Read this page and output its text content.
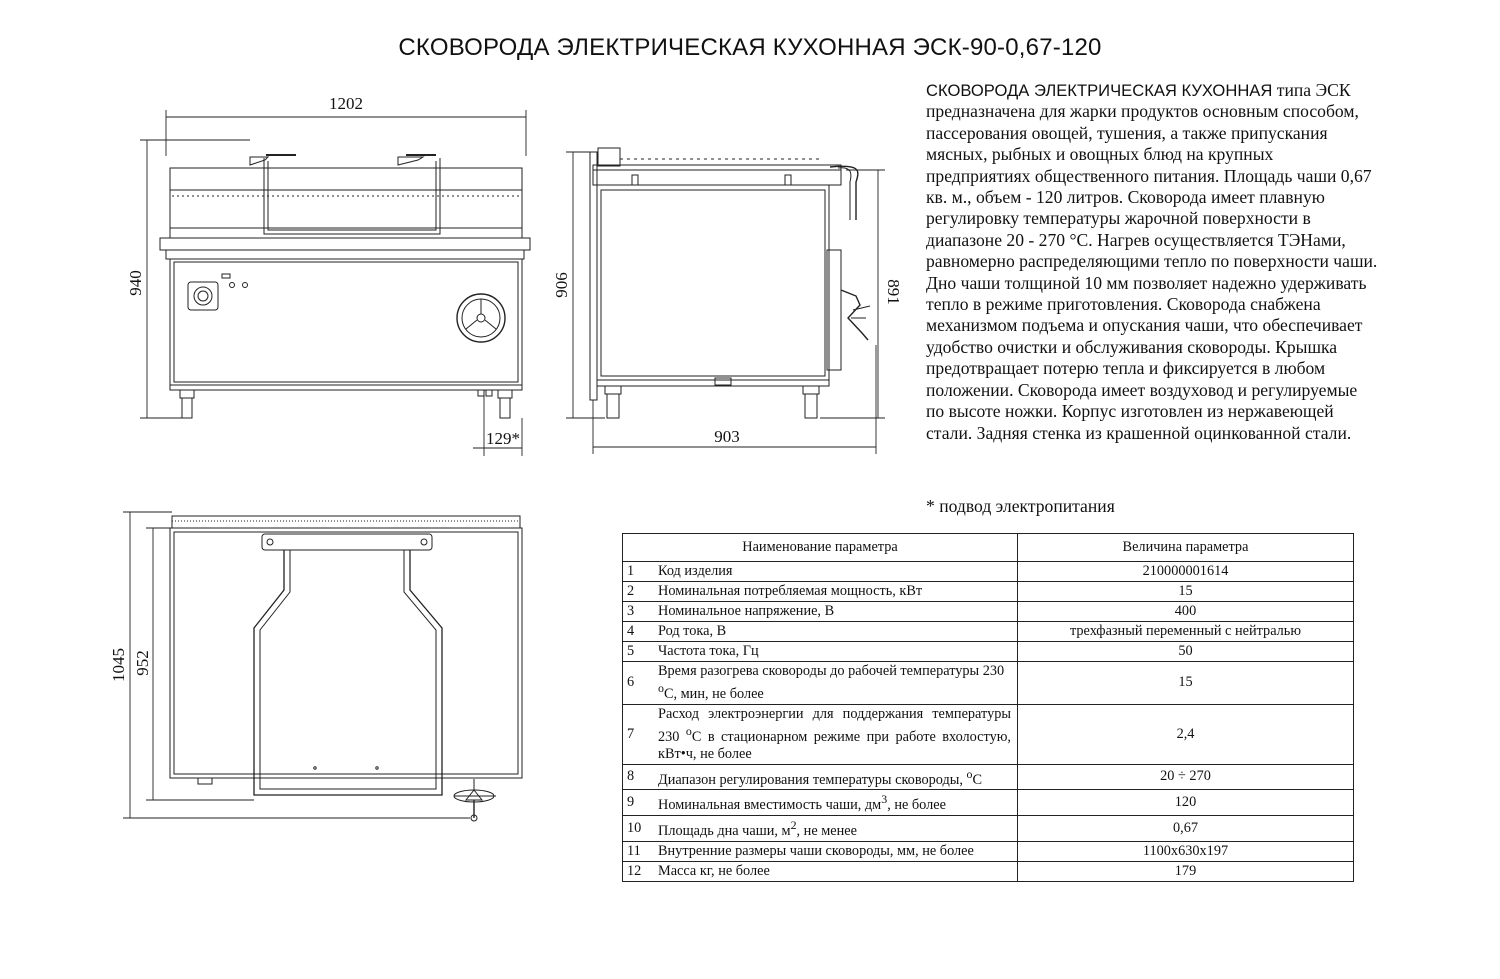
СКОВОРОДА ЭЛЕКТРИЧЕСКАЯ КУХОННАЯ ЭСК-90-0,67-120

СКОВОРОДА ЭЛЕКТРИЧЕСКАЯ КУХОННАЯ типа ЭСК предназначена для жарки продуктов основным способом, пассерования овощей, тушения, а также припускания мясных, рыбных и овощных блюд на крупных предприятиях общественного питания. Площадь чаши 0,67 кв. м., объем - 120 литров. Сковорода имеет плавную регулировку температуры жарочной поверхности в диапазоне 20 - 270 °С. Нагрев осуществляется ТЭНами, равномерно распределяющими тепло по поверхности чаши. Дно чаши толщиной 10 мм позволяет надежно удерживать тепло в режиме приготовления. Сковорода снабжена механизмом подъема и опускания чаши, что обеспечивает удобство очистки и обслуживания сковороды. Крышка предотвращает потерю тепла и фиксируется в любом положении. Сковорода имеет воздуховод и регулируемые по высоте ножки. Корпус изготовлен из нержавеющей стали. Задняя стенка из крашенной оцинкованной стали.

* подвод электропитания
1202
940
129*
906	891
903
1045 952
Наименование параметра		Величина параметра
1	Код изделия	210000001614
2	Номинальная потребляемая мощность, кВт	15
3	Номинальное напряжение, В	400
4	Род тока, В	трехфазный переменный с нейтралью
5	Частота тока, Гц	50
6	Время разогрева сковороды до рабочей температуры 230 $^о$С, мин, не более	15
7	Расход электроэнергии для поддержания температуры 230 $^о$С в стационарном режиме при работе вхолостую, кВт•ч, не более	2,4
8	Диапазон регулирования температуры сковороды, $^о$С	20 ÷ 270
9	Номинальная вместимость чаши, $дм^3$, не более	120
10	Площадь дна чаши, $м^2$, не менее	0,67
11	Внутренние размеры чаши сковороды, мм, не более	1100x630x197
12	Масса кг, не более	179
